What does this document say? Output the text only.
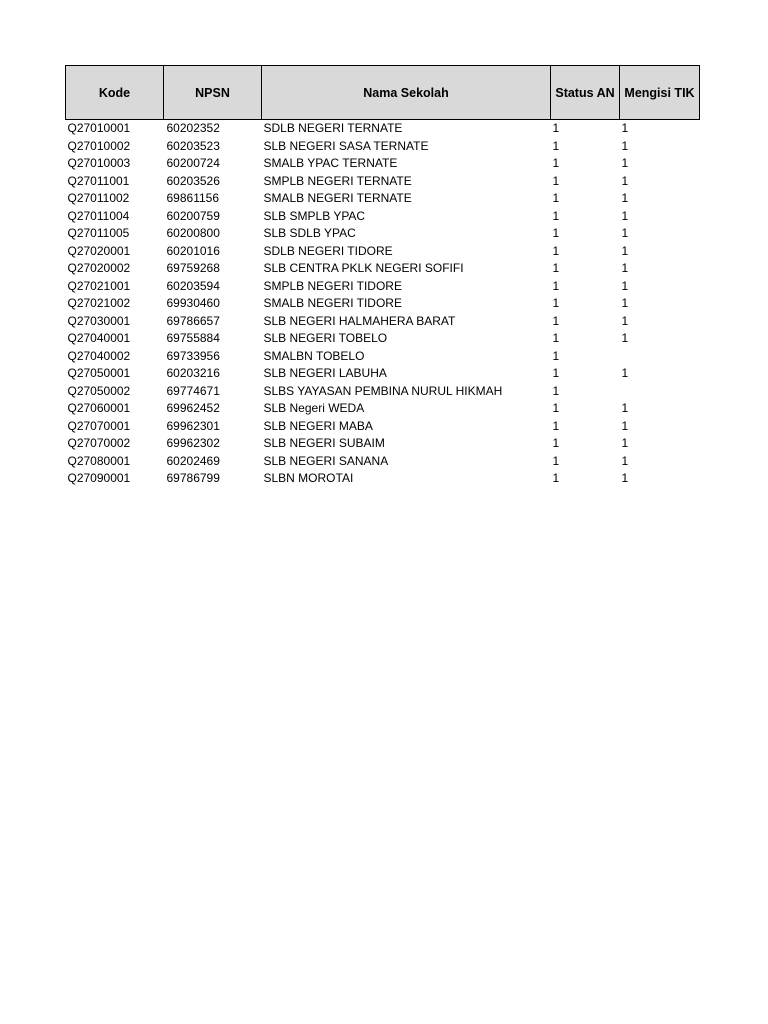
Kode	NPSN	Nama Sekolah	Status AN	Mengisi TIK
Q27010001	60202352	SDLB NEGERI TERNATE	1	1
Q27010002	60203523	SLB NEGERI SASA TERNATE	1	1
Q27010003	60200724	SMALB YPAC TERNATE	1	1
Q27011001	60203526	SMPLB NEGERI TERNATE	1	1
Q27011002	69861156	SMALB NEGERI TERNATE	1	1
Q27011004	60200759	SLB SMPLB YPAC	1	1
Q27011005	60200800	SLB SDLB YPAC	1	1
Q27020001	60201016	SDLB NEGERI TIDORE	1	1
Q27020002	69759268	SLB CENTRA PKLK NEGERI SOFIFI	1	1
Q27021001	60203594	SMPLB NEGERI TIDORE	1	1
Q27021002	69930460	SMALB NEGERI TIDORE	1	1
Q27030001	69786657	SLB NEGERI HALMAHERA BARAT	1	1
Q27040001	69755884	SLB NEGERI TOBELO	1	1
Q27040002	69733956	SMALBN TOBELO	1	
Q27050001	60203216	SLB NEGERI LABUHA	1	1
Q27050002	69774671	SLBS YAYASAN PEMBINA NURUL HIKMAH	1	
Q27060001	69962452	SLB Negeri WEDA	1	1
Q27070001	69962301	SLB NEGERI MABA	1	1
Q27070002	69962302	SLB NEGERI SUBAIM	1	1
Q27080001	60202469	SLB NEGERI SANANA	1	1
Q27090001	69786799	SLBN MOROTAI	1	1
